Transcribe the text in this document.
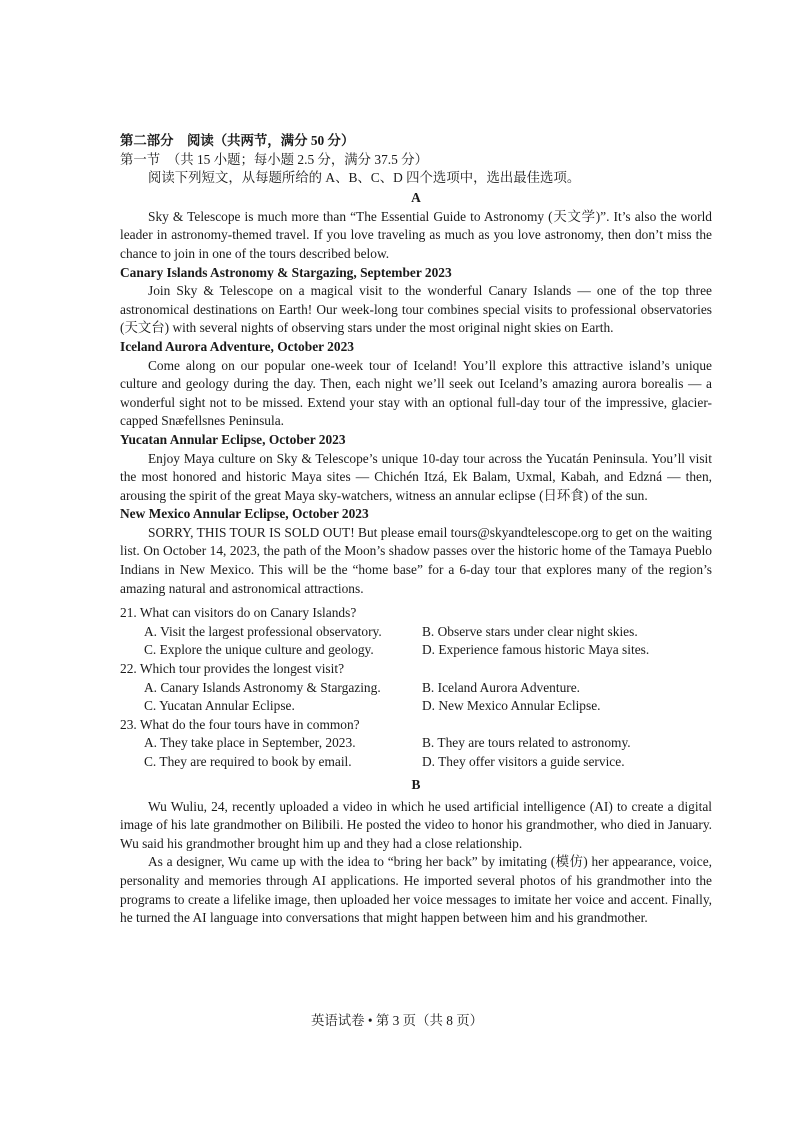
第二部分　阅读（共两节，满分 50 分）
第一节　（共 15 小题；每小题 2.5 分，满分 37.5 分）
阅读下列短文，从每题所给的 A、B、C、D 四个选项中，选出最佳选项。
A

Sky & Telescope is much more than “The Essential Guide to Astronomy (天文学)”. It’s also the world leader in astronomy-themed travel. If you love traveling as much as you love astronomy, then don’t miss the chance to join in one of the tours described below.

Canary Islands Astronomy & Stargazing, September 2023

Join Sky & Telescope on a magical visit to the wonderful Canary Islands — one of the top three astronomical destinations on Earth! Our week-long tour combines special visits to professional observatories (天文台) with several nights of observing stars under the most original night skies on Earth.

Iceland Aurora Adventure, October 2023

Come along on our popular one-week tour of Iceland! You’ll explore this attractive island’s unique culture and geology during the day. Then, each night we’ll seek out Iceland’s amazing aurora borealis — a wonderful sight not to be missed. Extend your stay with an optional full-day tour of the impressive, glacier-capped Snæfellsnes Peninsula.

Yucatan Annular Eclipse, October 2023

Enjoy Maya culture on Sky & Telescope’s unique 10-day tour across the Yucatán Peninsula. You’ll visit the most honored and historic Maya sites — Chichén Itzá, Ek Balam, Uxmal, Kabah, and Edzná — then, arousing the spirit of the great Maya sky-watchers, witness an annular eclipse (日环食) of the sun.

New Mexico Annular Eclipse, October 2023

SORRY, THIS TOUR IS SOLD OUT! But please email tours@skyandtelescope.org to get on the waiting list. On October 14, 2023, the path of the Moon’s shadow passes over the historic home of the Tamaya Pueblo Indians in New Mexico. This will be the “home base” for a 6-day tour that explores many of the region’s amazing natural and astronomical attractions.

21. What can visitors do on Canary Islands?
A. Visit the largest professional observatory.	B. Observe stars under clear night skies.
C. Explore the unique culture and geology.	D. Experience famous historic Maya sites.
22. Which tour provides the longest visit?
A. Canary Islands Astronomy & Stargazing.	B. Iceland Aurora Adventure.
C. Yucatan Annular Eclipse.	D. New Mexico Annular Eclipse.
23. What do the four tours have in common?
A. They take place in September, 2023.	B. They are tours related to astronomy.
C. They are required to book by email.	D. They offer visitors a guide service.
B

Wu Wuliu, 24, recently uploaded a video in which he used artificial intelligence (AI) to create a digital image of his late grandmother on Bilibili. He posted the video to honor his grandmother, who died in January. Wu said his grandmother brought him up and they had a close relationship.

As a designer, Wu came up with the idea to “bring her back” by imitating (模仿) her appearance, voice, personality and memories through AI applications. He imported several photos of his grandmother into the programs to create a lifelike image, then uploaded her voice messages to imitate her voice and accent. Finally, he turned the AI language into conversations that might happen between him and his grandmother.

英语试卷 • 第 3 页（共 8 页）
